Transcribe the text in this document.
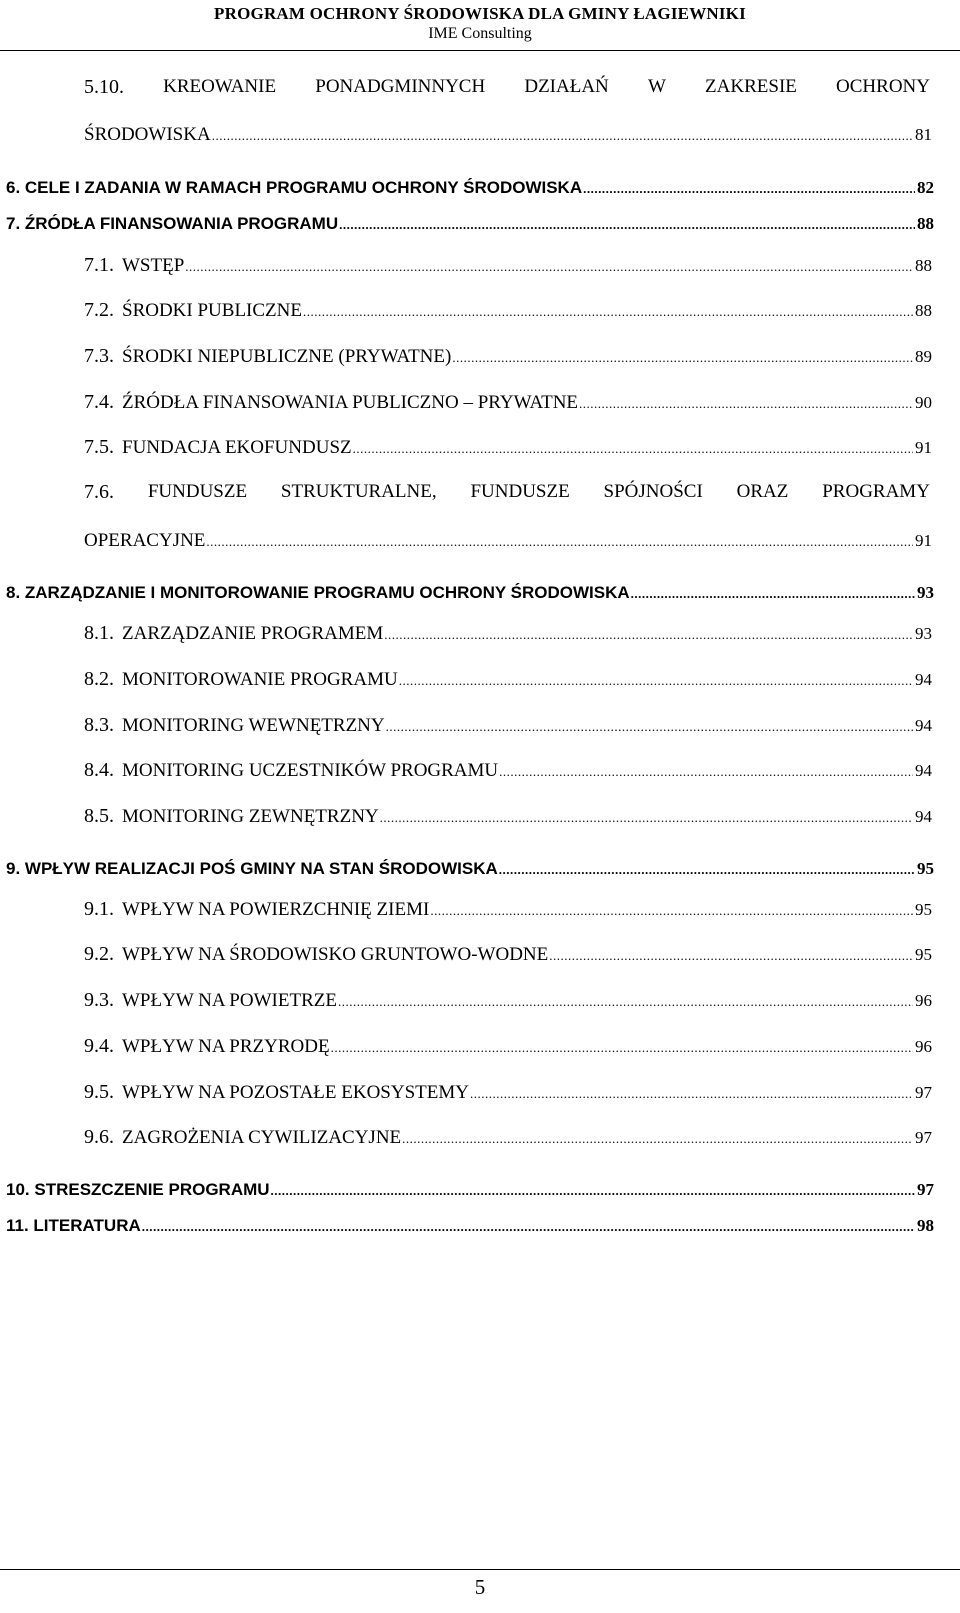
PROGRAM OCHRONY ŚRODOWISKA DLA GMINY ŁAGIEWNIKI
IME Consulting
5.10. KREOWANIE PONADGMINNYCH DZIAŁAŃ W ZAKRESIE OCHRONY
ŚRODOWISKA .....	81
6. CELE I ZADANIA W RAMACH PROGRAMU OCHRONY ŚRODOWISKA .....	82
7. ŹRÓDŁA FINANSOWANIA PROGRAMU .....	88
7.1. WSTĘP .....	88
7.2. ŚRODKI PUBLICZNE .....	88
7.3. ŚRODKI NIEPUBLICZNE (PRYWATNE) .....	89
7.4. ŹRÓDŁA FINANSOWANIA PUBLICZNO – PRYWATNE .....	90
7.5. FUNDACJA EKOFUNDUSZ .....	91
7.6. FUNDUSZE STRUKTURALNE, FUNDUSZE SPÓJNOŚCI ORAZ PROGRAMY
OPERACYJNE .....	91
8. ZARZĄDZANIE I MONITOROWANIE PROGRAMU OCHRONY ŚRODOWISKA .....	93
8.1. ZARZĄDZANIE PROGRAMEM .....	93
8.2. MONITOROWANIE PROGRAMU .....	94
8.3. MONITORING WEWNĘTRZNY .....	94
8.4. MONITORING UCZESTNIKÓW PROGRAMU .....	94
8.5. MONITORING ZEWNĘTRZNY .....	94
9. WPŁYW REALIZACJI POŚ GMINY NA STAN ŚRODOWISKA .....	95
9.1. WPŁYW NA POWIERZCHNIĘ ZIEMI .....	95
9.2. WPŁYW NA ŚRODOWISKO GRUNTOWO-WODNE .....	95
9.3. WPŁYW NA POWIETRZE .....	96
9.4. WPŁYW NA PRZYRODĘ .....	96
9.5. WPŁYW NA POZOSTAŁE EKOSYSTEMY .....	97
9.6. ZAGROŻENIA CYWILIZACYJNE .....	97
10. STRESZCZENIE PROGRAMU .....	97
11. LITERATURA .....	98
5
